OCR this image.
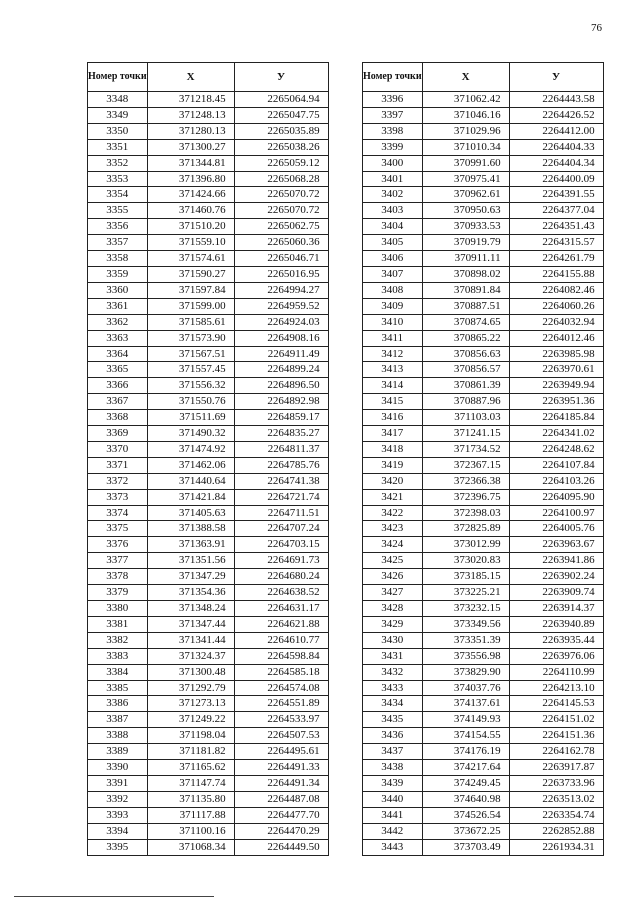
76
Номер точки	Х	У
3348	371218.45	2265064.94
3349	371248.13	2265047.75
3350	371280.13	2265035.89
3351	371300.27	2265038.26
3352	371344.81	2265059.12
3353	371396.80	2265068.28
3354	371424.66	2265070.72
3355	371460.76	2265070.72
3356	371510.20	2265062.75
3357	371559.10	2265060.36
3358	371574.61	2265046.71
3359	371590.27	2265016.95
3360	371597.84	2264994.27
3361	371599.00	2264959.52
3362	371585.61	2264924.03
3363	371573.90	2264908.16
3364	371567.51	2264911.49
3365	371557.45	2264899.24
3366	371556.32	2264896.50
3367	371550.76	2264892.98
3368	371511.69	2264859.17
3369	371490.32	2264835.27
3370	371474.92	2264811.37
3371	371462.06	2264785.76
3372	371440.64	2264741.38
3373	371421.84	2264721.74
3374	371405.63	2264711.51
3375	371388.58	2264707.24
3376	371363.91	2264703.15
3377	371351.56	2264691.73
3378	371347.29	2264680.24
3379	371354.36	2264638.52
3380	371348.24	2264631.17
3381	371347.44	2264621.88
3382	371341.44	2264610.77
3383	371324.37	2264598.84
3384	371300.48	2264585.18
3385	371292.79	2264574.08
3386	371273.13	2264551.89
3387	371249.22	2264533.97
3388	371198.04	2264507.53
3389	371181.82	2264495.61
3390	371165.62	2264491.33
3391	371147.74	2264491.34
3392	371135.80	2264487.08
3393	371117.88	2264477.70
3394	371100.16	2264470.29
3395	371068.34	2264449.50
Номер точки	Х	У
3396	371062.42	2264443.58
3397	371046.16	2264426.52
3398	371029.96	2264412.00
3399	371010.34	2264404.33
3400	370991.60	2264404.34
3401	370975.41	2264400.09
3402	370962.61	2264391.55
3403	370950.63	2264377.04
3404	370933.53	2264351.43
3405	370919.79	2264315.57
3406	370911.11	2264261.79
3407	370898.02	2264155.88
3408	370891.84	2264082.46
3409	370887.51	2264060.26
3410	370874.65	2264032.94
3411	370865.22	2264012.46
3412	370856.63	2263985.98
3413	370856.57	2263970.61
3414	370861.39	2263949.94
3415	370887.96	2263951.36
3416	371103.03	2264185.84
3417	371241.15	2264341.02
3418	371734.52	2264248.62
3419	372367.15	2264107.84
3420	372366.38	2264103.26
3421	372396.75	2264095.90
3422	372398.03	2264100.97
3423	372825.89	2264005.76
3424	373012.99	2263963.67
3425	373020.83	2263941.86
3426	373185.15	2263902.24
3427	373225.21	2263909.74
3428	373232.15	2263914.37
3429	373349.56	2263940.89
3430	373351.39	2263935.44
3431	373556.98	2263976.06
3432	373829.90	2264110.99
3433	374037.76	2264213.10
3434	374137.61	2264145.53
3435	374149.93	2264151.02
3436	374154.55	2264151.36
3437	374176.19	2264162.78
3438	374217.64	2263917.87
3439	374249.45	2263733.96
3440	374640.98	2263513.02
3441	374526.54	2263354.74
3442	373672.25	2262852.88
3443	373703.49	2261934.31
